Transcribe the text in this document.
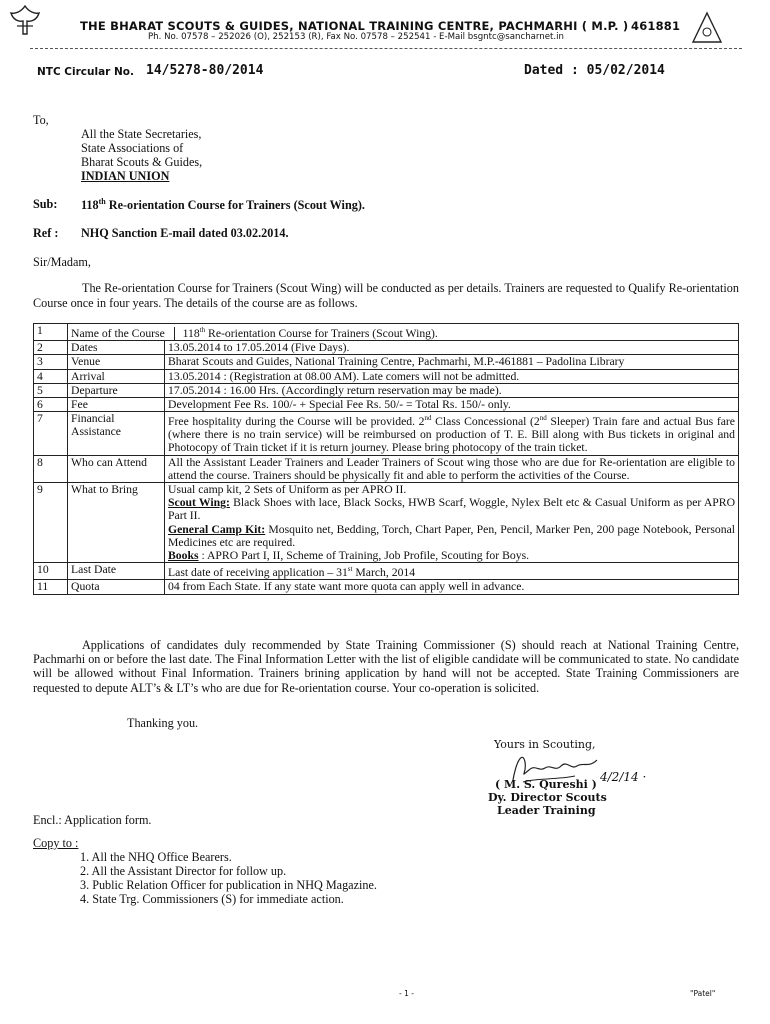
THE BHARAT SCOUTS & GUIDES, NATIONAL TRAINING CENTRE, PACHMARHI ( M.P. ) 461881
Ph. No. 07578 – 252026 (O), 252153 (R), Fax No. 07578 – 252541 - E-Mail bsgntc@sancharnet.in
NTC Circular No. 14/5278-80/2014	Dated : 05/02/2014
To,
All the State Secretaries,
State Associations of
Bharat Scouts & Guides,
INDIAN UNION
Sub: 118th Re-orientation Course for Trainers (Scout Wing).
Ref : NHQ Sanction E-mail dated 03.02.2014.
Sir/Madam,

The Re-orientation Course for Trainers (Scout Wing) will be conducted as per details. Trainers are requested to Qualify Re-orientation Course once in four years. The details of the course are as follows.

1	Name of the Course 118th Re-orientation Course for Trainers (Scout Wing).	
2	Dates	13.05.2014 to 17.05.2014 (Five Days).
3	Venue	Bharat Scouts and Guides, National Training Centre, Pachmarhi, M.P.-461881 – Padolina Library
4	Arrival	13.05.2014 : (Registration at 08.00 AM). Late comers will not be admitted.
5	Departure	17.05.2014 : 16.00 Hrs. (Accordingly return reservation may be made).
6	Fee	Development Fee Rs. 100/- + Special Fee Rs. 50/- = Total Rs. 150/- only.
7	Financial Assistance	Free hospitality during the Course will be provided. 2nd Class Concessional (2nd Sleeper) Train fare and actual Bus fare (where there is no train service) will be reimbursed on production of T. E. Bill along with Bus tickets in original and Photocopy of Train ticket if it is return journey. Please bring photocopy of the train ticket.
8	Who can Attend	All the Assistant Leader Trainers and Leader Trainers of Scout wing those who are due for Re-orientation are eligible to attend the course. Trainers should be physically fit and able to perform the activities of the Course.
9	What to Bring	Usual camp kit, 2 Sets of Uniform as per APRO II.
Scout Wing: Black Shoes with lace, Black Socks, HWB Scarf, Woggle, Nylex Belt etc & Casual Uniform as per APRO Part II.
General Camp Kit: Mosquito net, Bedding, Torch, Chart Paper, Pen, Pencil, Marker Pen, 200 page Notebook, Personal Medicines etc are required.
Books : APRO Part I, II, Scheme of Training, Job Profile, Scouting for Boys.

10	Last Date	Last date of receiving application – 31st March, 2014
11	Quota	04 from Each State. If any state want more quota can apply well in advance.

Applications of candidates duly recommended by State Training Commissioner (S) should reach at National Training Centre, Pachmarhi on or before the last date. The Final Information Letter with the list of eligible candidate will be communicated to state. No candidate will be allowed without Final Information. Trainers brining application by hand will not be accepted. State Training Commissioners are requested to depute ALT’s & LT’s who are due for Re-orientation course. Your co-operation is solicited.

Thanking you.
Yours in Scouting,
( M. S. Qureshi )
4/2/14 ·
Dy. Director Scouts
Leader Training
Encl.: Application form.
Copy to :
1. All the NHQ Office Bearers.
2. All the Assistant Director for follow up.
3. Public Relation Officer for publication in NHQ Magazine.
4. State Trg. Commissioners (S) for immediate action.
- 1 -	"Patel"
